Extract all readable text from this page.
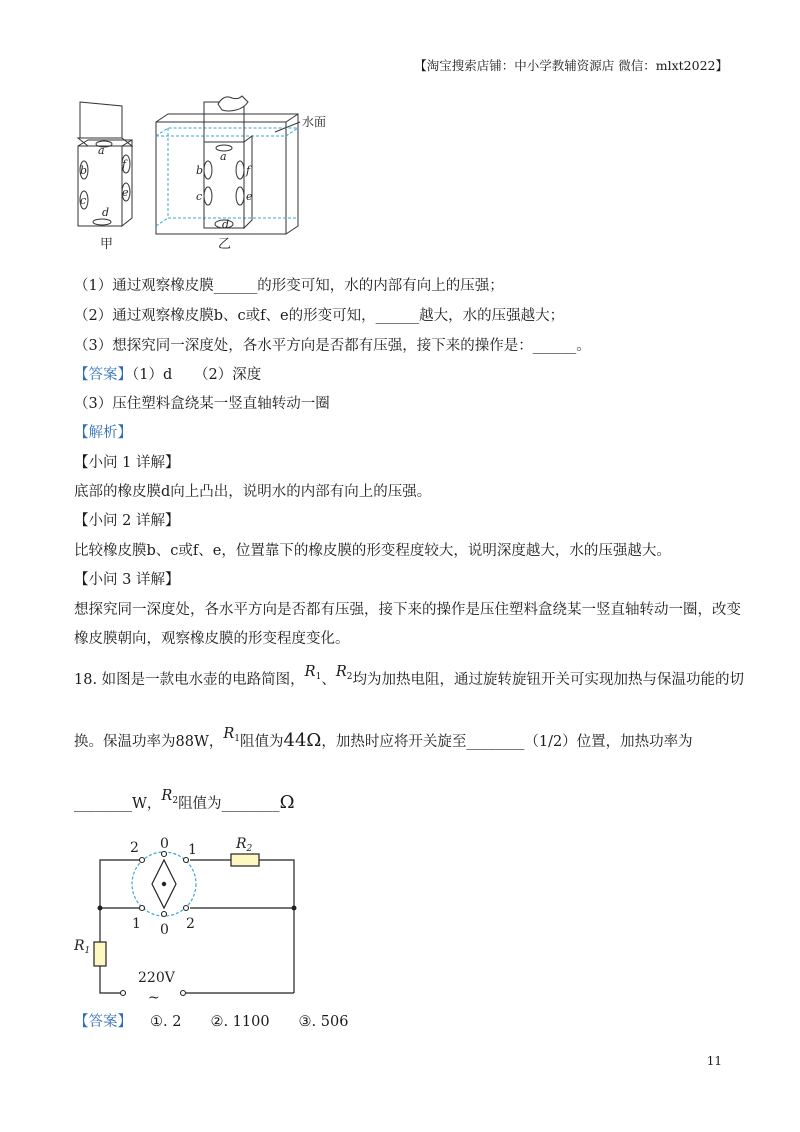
【淘宝搜索店铺：中小学教辅资源店 微信：mlxt2022】
a
b
c
d
e
f
甲
水面
a
b
c
d
e
f
乙
（1）通过观察橡皮膜______的形变可知，水的内部有向上的压强；
（2）通过观察橡皮膜b、c或f、e的形变可知，______越大，水的压强越大；
（3）想探究同一深度处，各水平方向是否都有压强，接下来的操作是：______。
【答案】（1）d　　（2）深度
（3）压住塑料盒绕某一竖直轴转动一圈
【解析】
【小问 1 详解】
底部的橡皮膜d向上凸出，说明水的内部有向上的压强。
【小问 2 详解】
比较橡皮膜b、c或f、e，位置靠下的橡皮膜的形变程度较大，说明深度越大，水的压强越大。
【小问 3 详解】
想探究同一深度处，各水平方向是否都有压强，接下来的操作是压住塑料盒绕某一竖直轴转动一圈，改变
橡皮膜朝向，观察橡皮膜的形变程度变化。
18. 如图是一款电水壶的电路简图，$R_1$、$R_2$均为加热电阻，通过旋转旋钮开关可实现加热与保温功能的切
换。保温功率为88W，$R_1$阻值为44Ω，加热时应将开关旋至________（1/2）位置，加热功率为
________W，$R_2$阻值为________Ω
2 0 1
1 0 2
$R_2$
$R_1$
220V
~
【答案】 ①. 2　　②. 1100　　③. 506
11
